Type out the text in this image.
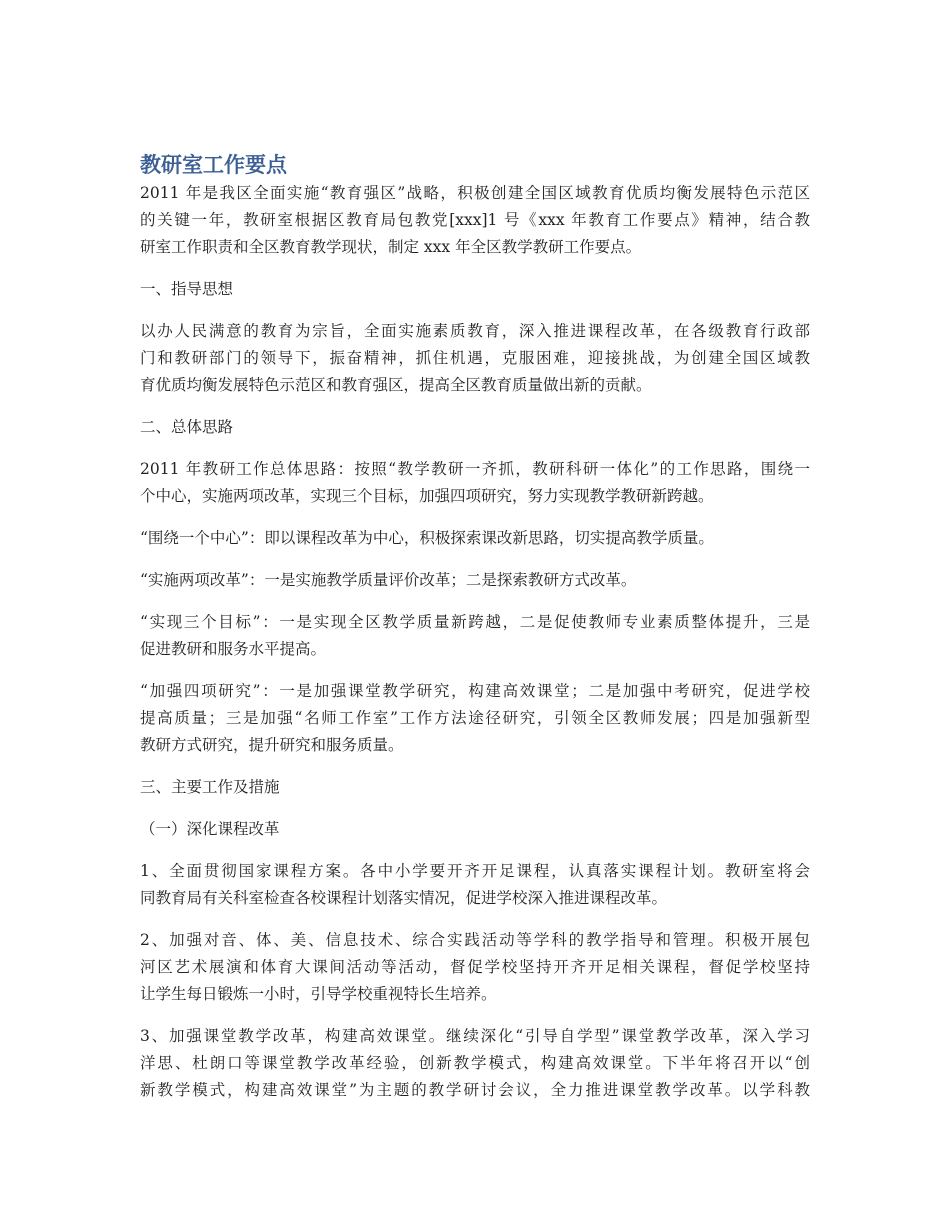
教研室工作要点
2011 年是我区全面实施“教育强区”战略，积极创建全国区域教育优质均衡发展特色示范区
的关键一年，教研室根据区教育局包教党[xxx]1 号《xxx 年教育工作要点》精神，结合教
研室工作职责和全区教育教学现状，制定 xxx 年全区教学教研工作要点。
一、指导思想
以办人民满意的教育为宗旨，全面实施素质教育，深入推进课程改革，在各级教育行政部
门和教研部门的领导下，振奋精神，抓住机遇，克服困难，迎接挑战，为创建全国区域教
育优质均衡发展特色示范区和教育强区，提高全区教育质量做出新的贡献。
二、总体思路
2011 年教研工作总体思路：按照“教学教研一齐抓，教研科研一体化”的工作思路，围绕一
个中心，实施两项改革，实现三个目标，加强四项研究，努力实现教学教研新跨越。
“围绕一个中心”：即以课程改革为中心，积极探索课改新思路，切实提高教学质量。
“实施两项改革”：一是实施教学质量评价改革；二是探索教研方式改革。
“实现三个目标”：一是实现全区教学质量新跨越，二是促使教师专业素质整体提升，三是
促进教研和服务水平提高。
“加强四项研究”：一是加强课堂教学研究，构建高效课堂；二是加强中考研究，促进学校
提高质量；三是加强“名师工作室”工作方法途径研究，引领全区教师发展；四是加强新型
教研方式研究，提升研究和服务质量。
三、主要工作及措施
（一）深化课程改革
1、全面贯彻国家课程方案。各中小学要开齐开足课程，认真落实课程计划。教研室将会
同教育局有关科室检查各校课程计划落实情况，促进学校深入推进课程改革。
2、加强对音、体、美、信息技术、综合实践活动等学科的教学指导和管理。积极开展包
河区艺术展演和体育大课间活动等活动，督促学校坚持开齐开足相关课程，督促学校坚持
让学生每日锻炼一小时，引导学校重视特长生培养。
3、加强课堂教学改革，构建高效课堂。继续深化“引导自学型”课堂教学改革，深入学习
洋思、杜朗口等课堂教学改革经验，创新教学模式，构建高效课堂。下半年将召开以“创
新教学模式，构建高效课堂”为主题的教学研讨会议，全力推进课堂教学改革。以学科教
